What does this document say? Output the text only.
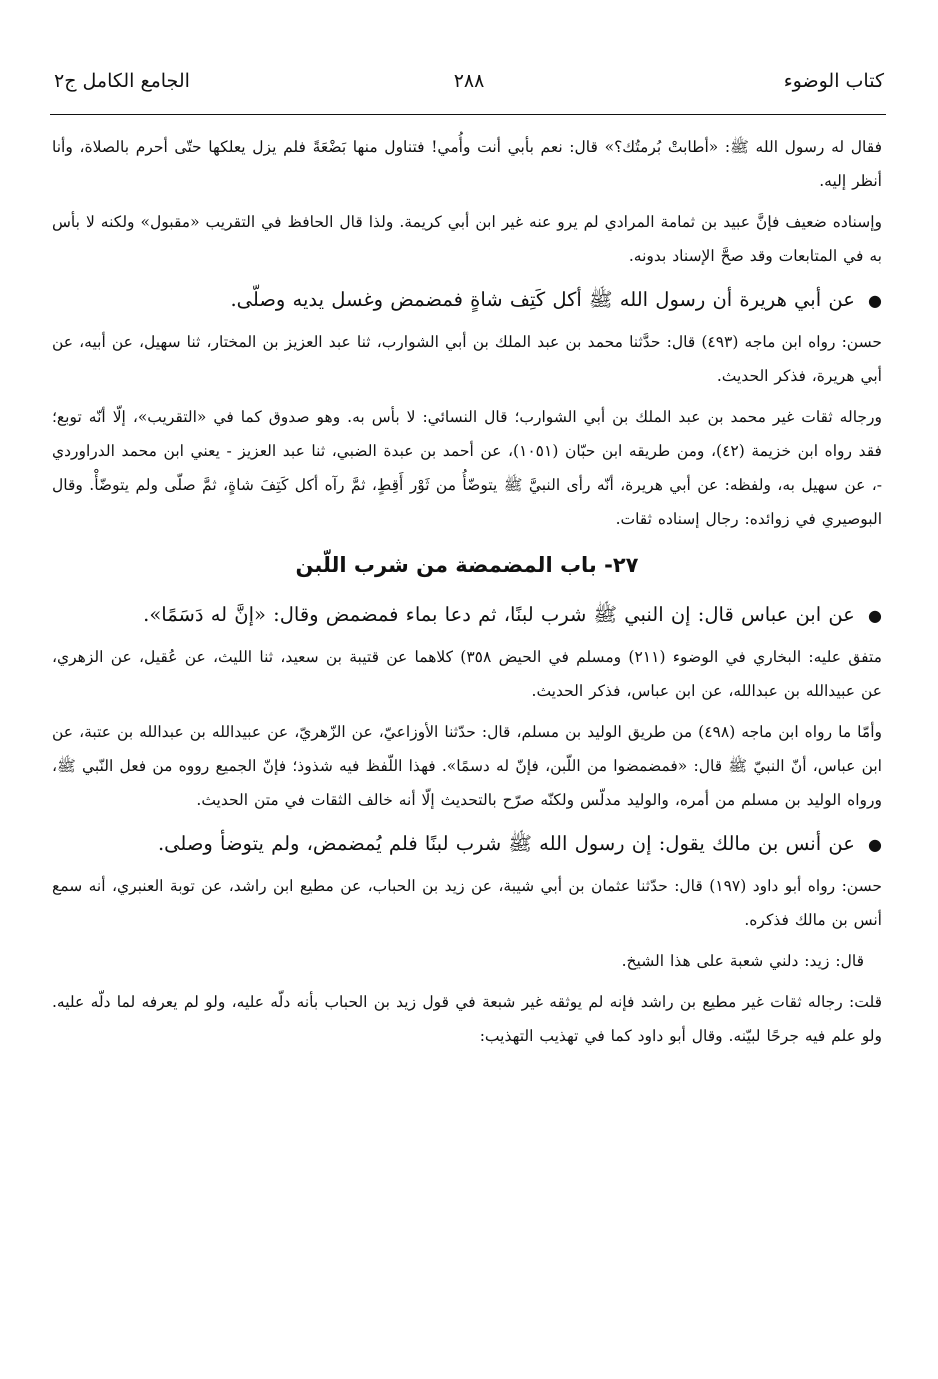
كتاب الوضوء
٢٨٨
الجامع الكامل ج٢

فقال له رسول الله ﷺ: «أطابتْ بُرمتُك؟» قال: نعم بأبي أنت وأُمي! فتناول منها بَضْعَةً فلم يزل يعلكها حتّى أحرم بالصلاة، وأنا أنظر إليه.

وإسناده ضعيف فإنَّ عبيد بن ثمامة المرادي لم يرو عنه غير ابن أبي كريمة. ولذا قال الحافظ في التقريب «مقبول» ولكنه لا بأس به في المتابعات وقد صحَّ الإسناد بدونه.

● عن أبي هريرة أن رسول الله ﷺ أكل كَتِف شاةٍ فمضمض وغسل يديه وصلّى.

حسن: رواه ابن ماجه (٤٩٣) قال: حدَّثنا محمد بن عبد الملك بن أبي الشوارب، ثنا عبد العزيز بن المختار، ثنا سهيل، عن أبيه، عن أبي هريرة، فذكر الحديث.

ورجاله ثقات غير محمد بن عبد الملك بن أبي الشوارب؛ قال النسائي: لا بأس به. وهو صدوق كما في «التقريب»، إلّا أنّه توبع؛ فقد رواه ابن خزيمة (٤٢)، ومن طريقه ابن حبّان (١٠٥١)، عن أحمد بن عبدة الضبي، ثنا عبد العزيز - يعني ابن محمد الدراوردي -، عن سهيل به، ولفظه: عن أبي هريرة، أنّه رأى النبيَّ ﷺ يتوضّأُ من ثَوْر أَقِطٍ، ثمَّ رآه أكل كَتِفَ شاةٍ، ثمَّ صلّى ولم يتوضّأْ. وقال البوصيري في زوائده: رجال إسناده ثقات.

٢٧- باب المضمضة من شرب اللّبن

● عن ابن عباس قال: إن النبي ﷺ شرب لبنًا، ثم دعا بماء فمضمض وقال: «إنَّ له دَسَمًا».

متفق عليه: البخاري في الوضوء (٢١١) ومسلم في الحيض ٣٥٨) كلاهما عن قتيبة بن سعيد، ثنا الليث، عن عُقيل، عن الزهري، عن عبيدالله بن عبدالله، عن ابن عباس، فذكر الحديث.

وأمّا ما رواه ابن ماجه (٤٩٨) من طريق الوليد بن مسلم، قال: حدّثنا الأوزاعيّ، عن الزّهريّ، عن عبيدالله بن عبدالله بن عتبة، عن ابن عباس، أنّ النبيّ ﷺ قال: «فمضمضوا من اللّبن، فإنّ له دسمًا». فهذا اللّفظ فيه شذوذ؛ فإنّ الجميع رووه من فعل النّبي ﷺ، ورواه الوليد بن مسلم من أمره، والوليد مدلّس ولكنّه صرّح بالتحديث إلّا أنه خالف الثقات في متن الحديث.

● عن أنس بن مالك يقول: إن رسول الله ﷺ شرب لبنًا فلم يُمضمض، ولم يتوضأ وصلى.

حسن: رواه أبو داود (١٩٧) قال: حدّثنا عثمان بن أبي شيبة، عن زيد بن الحباب، عن مطيع ابن راشد، عن توبة العنبري، أنه سمع أنس بن مالك فذكره.

قال: زيد: دلني شعبة على هذا الشيخ.

قلت: رجاله ثقات غير مطيع بن راشد فإنه لم يوثقه غير شبعة في قول زيد بن الحباب بأنه دلّه عليه، ولو لم يعرفه لما دلّه عليه. ولو علم فيه جرحًا لبيّنه. وقال أبو داود كما في تهذيب التهذيب:
